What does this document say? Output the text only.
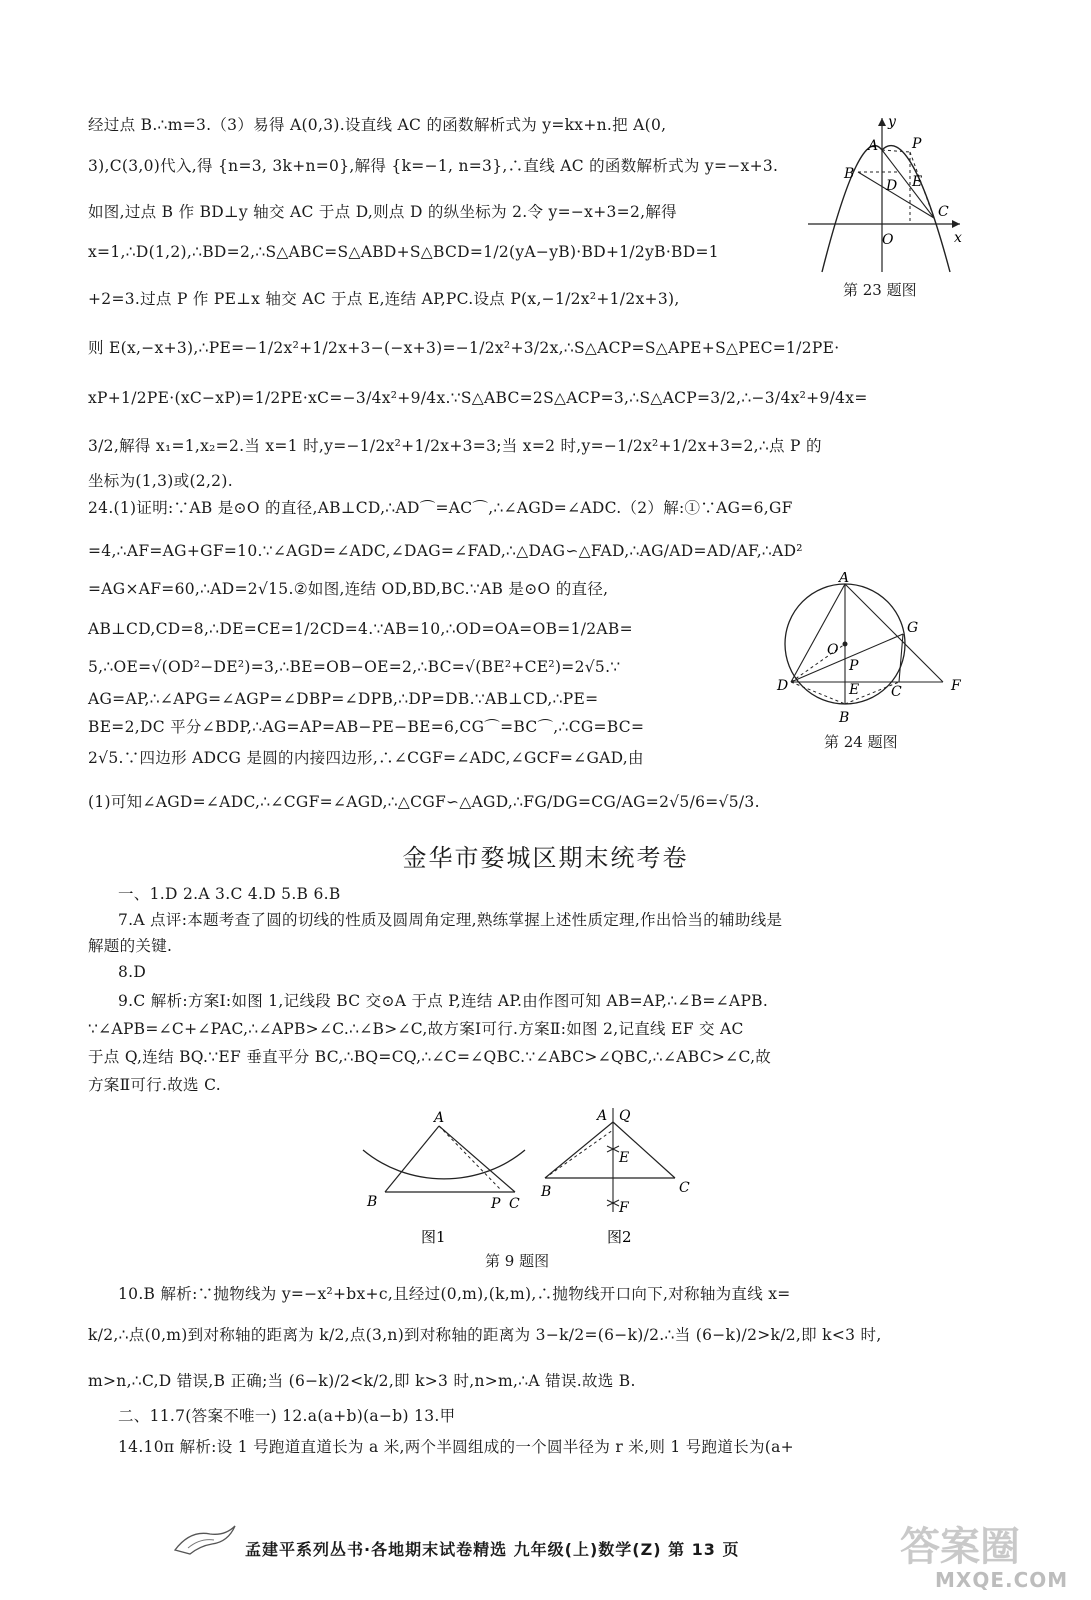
经过点 B.∴m=3.（3）易得 A(0,3).设直线 AC 的函数解析式为 y=kx+n.把 A(0,
3),C(3,0)代入,得 {n=3, 3k+n=0},解得 {k=−1, n=3},∴直线 AC 的函数解析式为 y=−x+3.
如图,过点 B 作 BD⊥y 轴交 AC 于点 D,则点 D 的纵坐标为 2.令 y=−x+3=2,解得
x=1,∴D(1,2),∴BD=2,∴S△ABC=S△ABD+S△BCD=1/2(yA−yB)·BD+1/2yB·BD=1
+2=3.过点 P 作 PE⊥x 轴交 AC 于点 E,连结 AP,PC.设点 P(x,−1/2x²+1/2x+3),
则 E(x,−x+3),∴PE=−1/2x²+1/2x+3−(−x+3)=−1/2x²+3/2x,∴S△ACP=S△APE+S△PEC=1/2PE·
xP+1/2PE·(xC−xP)=1/2PE·xC=−3/4x²+9/4x.∵S△ABC=2S△ACP=3,∴S△ACP=3/2,∴−3/4x²+9/4x=
3/2,解得 x₁=1,x₂=2.当 x=1 时,y=−1/2x²+1/2x+3=3;当 x=2 时,y=−1/2x²+1/2x+3=2,∴点 P 的
坐标为(1,3)或(2,2).
y
A P
B
D E
C
O	x
第 23 题图
24.(1)证明:∵AB 是⊙O 的直径,AB⊥CD,∴AD⌒=AC⌒,∴∠AGD=∠ADC.（2）解:①∵AG=6,GF
=4,∴AF=AG+GF=10.∵∠AGD=∠ADC,∠DAG=∠FAD,∴△DAG∽△FAD,∴AG/AD=AD/AF,∴AD²
=AG×AF=60,∴AD=2√15.②如图,连结 OD,BD,BC.∵AB 是⊙O 的直径,
AB⊥CD,CD=8,∴DE=CE=1/2CD=4.∵AB=10,∴OD=OA=OB=1/2AB=
5,∴OE=√(OD²−DE²)=3,∴BE=OB−OE=2,∴BC=√(BE²+CE²)=2√5.∵
AG=AP,∴∠APG=∠AGP=∠DBP=∠DPB,∴DP=DB.∵AB⊥CD,∴PE=
BE=2,DC 平分∠BDP,∴AG=AP=AB−PE−BE=6,CG⌒=BC⌒,∴CG=BC=
2√5.∵四边形 ADCG 是圆的内接四边形,∴∠CGF=∠ADC,∠GCF=∠GAD,由
(1)可知∠AGD=∠ADC,∴∠CGF=∠AGD,∴△CGF∽△AGD,∴FG/DG=CG/AG=2√5/6=√5/3.
A
O
G
P
D	E C	F
B
第 24 题图
金华市婺城区期末统考卷
一、1.D 2.A 3.C 4.D 5.B 6.B
7.A 点评:本题考查了圆的切线的性质及圆周角定理,熟练掌握上述性质定理,作出恰当的辅助线是
解题的关键.
8.D
9.C 解析:方案Ⅰ:如图 1,记线段 BC 交⊙A 于点 P,连结 AP.由作图可知 AB=AP,∴∠B=∠APB.
∵∠APB=∠C+∠PAC,∴∠APB>∠C.∴∠B>∠C,故方案Ⅰ可行.方案Ⅱ:如图 2,记直线 EF 交 AC
于点 Q,连结 BQ.∵EF 垂直平分 BC,∴BQ=CQ,∴∠C=∠QBC.∵∠ABC>∠QBC,∴∠ABC>∠C,故
方案Ⅱ可行.故选 C.
A
B	P C
A Q
E
B
F
C
图1	图2
第 9 题图
10.B 解析:∵抛物线为 y=−x²+bx+c,且经过(0,m),(k,m),∴抛物线开口向下,对称轴为直线 x=
k/2,∴点(0,m)到对称轴的距离为 k/2,点(3,n)到对称轴的距离为 3−k/2=(6−k)/2.∴当 (6−k)/2>k/2,即 k<3 时,
m>n,∴C,D 错误,B 正确;当 (6−k)/2<k/2,即 k>3 时,n>m,∴A 错误.故选 B.
二、11.7(答案不唯一) 12.a(a+b)(a−b) 13.甲
14.10π 解析:设 1 号跑道直道长为 a 米,两个半圆组成的一个圆半径为 r 米,则 1 号跑道长为(a+
孟建平系列丛书·各地期末试卷精选 九年级(上)数学(Z) 第 13 页	答案圈
MXQE.COM
